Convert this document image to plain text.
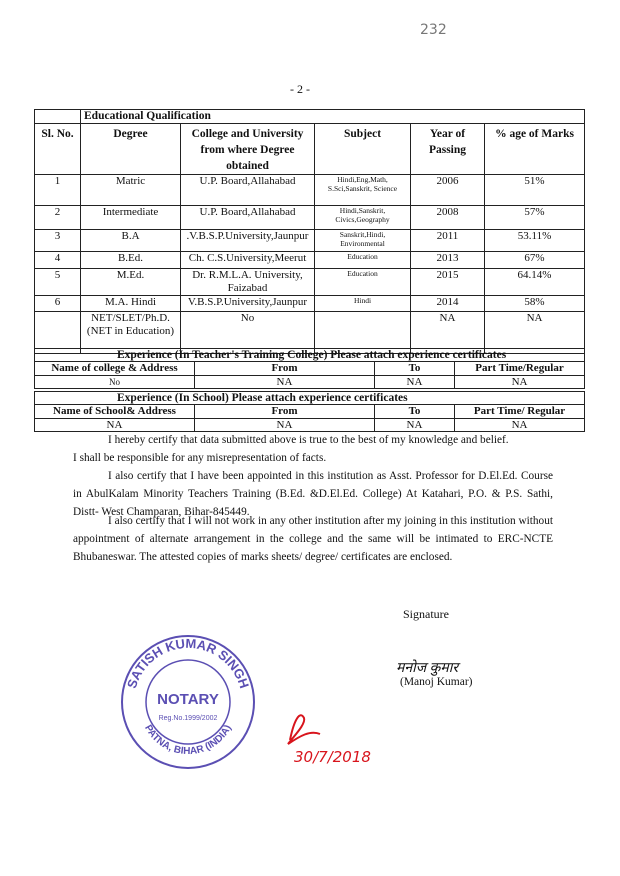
232
- 2 -
	Educational Qualification				
Sl. No.	Degree	College and University from where Degree obtained	Subject	Year of Passing	% age of Marks
1	Matric	U.P. Board,Allahabad	Hindi,Eng,Math, S.Sci,Sanskrit, Science	2006	51%
2	Intermediate	U.P. Board,Allahabad	Hindi,Sanskrit, Civics,Geography	2008	57%
3	B.A	.V.B.S.P.University,Jaunpur	Sanskrit,Hindi, Environmental	2011	53.11%
4	B.Ed.	Ch. C.S.University,Meerut	Education	2013	67%
5	M.Ed.	Dr. R.M.L.A. University, Faizabad	Education	2015	64.14%
6	M.A. Hindi	V.B.S.P.University,Jaunpur	Hindi	2014	58%
	NET/SLET/Ph.D. (NET in Education)	No		NA	NA
Experience (In Teacher's Training College) Please attach experience certificates			
Name of college & Address	From	To	Part Time/Regular
No	NA	NA	NA
Experience (In School) Please attach experience certificates			
Name of School& Address	From	To	Part Time/ Regular
NA	NA	NA	NA
I hereby certify that data submitted above is true to the best of my knowledge and belief.
I shall be responsible for any misrepresentation of facts.
I also certify that I have been appointed in this institution as Asst. Professor for D.El.Ed. Course in AbulKalam Minority Teachers Training (B.Ed. &D.El.Ed. College) At Katahari, P.O. & P.S. Sathi, Distt- West Champaran, Bihar-845449.
I also certify that I will not work in any other institution after my joining in this institution without appointment of alternate arrangement in the college and the same will be intimated to ERC-NCTE Bhubaneswar. The attested copies of marks sheets/ degree/ certificates are enclosed.
Signature
मनोज कुमार
(Manoj Kumar)
SATISH KUMAR SINGH
PATNA, BIHAR (INDIA)
NOTARY
Reg.No.1999/2002
30/7/2018
